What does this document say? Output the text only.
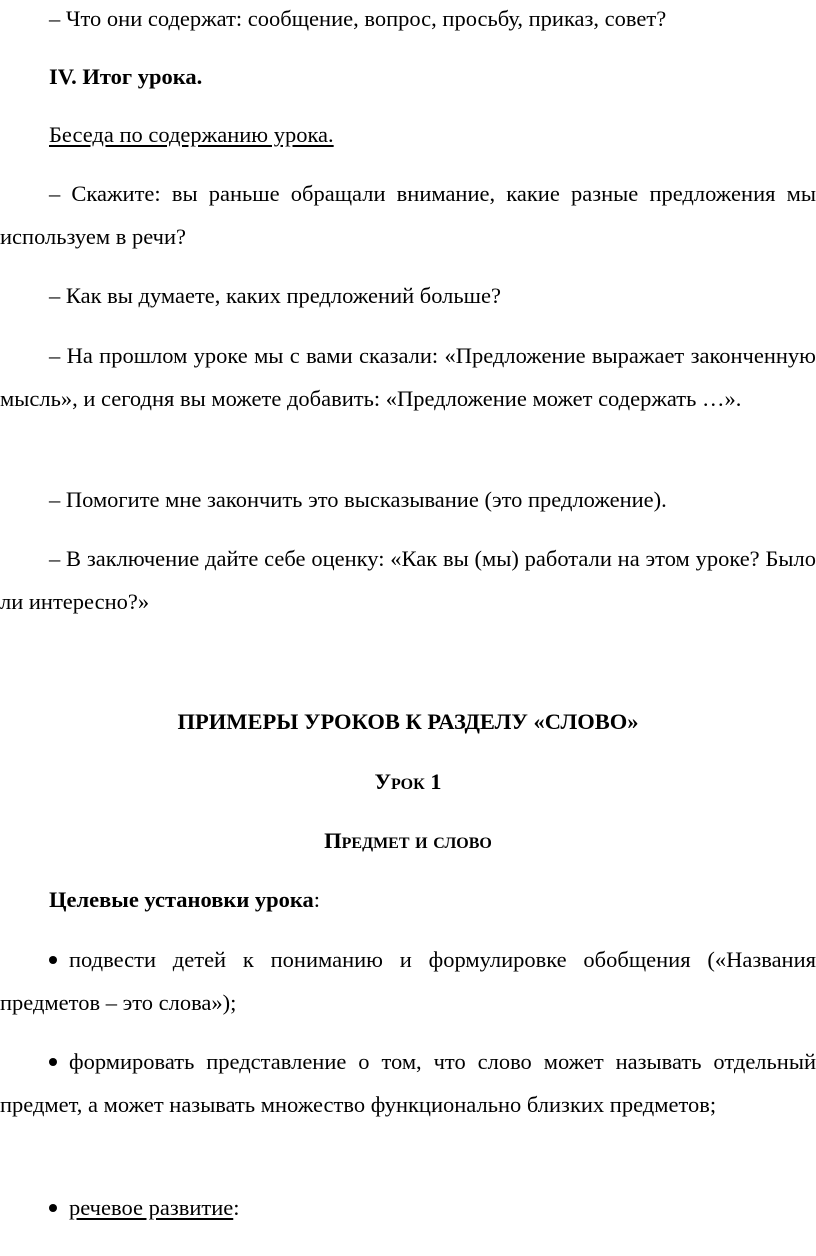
– Что они содержат: сообщение, вопрос, просьбу, приказ, совет?

IV. Итог урока.

Беседа по содержанию урока.

– Скажите: вы раньше обращали внимание, какие разные предложения мы используем в речи?

– Как вы думаете, каких предложений больше?

– На прошлом уроке мы с вами сказали: «Предложение выражает законченную мысль», и сегодня вы можете добавить: «Предложение может содержать …».

– Помогите мне закончить это высказывание (это предложение).

– В заключение дайте себе оценку: «Как вы (мы) работали на этом уроке? Было ли интересно?»

ПРИМЕРЫ УРОКОВ К РАЗДЕЛУ «СЛОВО»

Урок 1

Предмет и слово

Целевые установки урока:

подвести детей к пониманию и формулировке обобщения («Названия предметов – это слова»);

формировать представление о том, что слово может называть отдельный предмет, а может называть множество функционально близких предметов;

речевое развитие:
